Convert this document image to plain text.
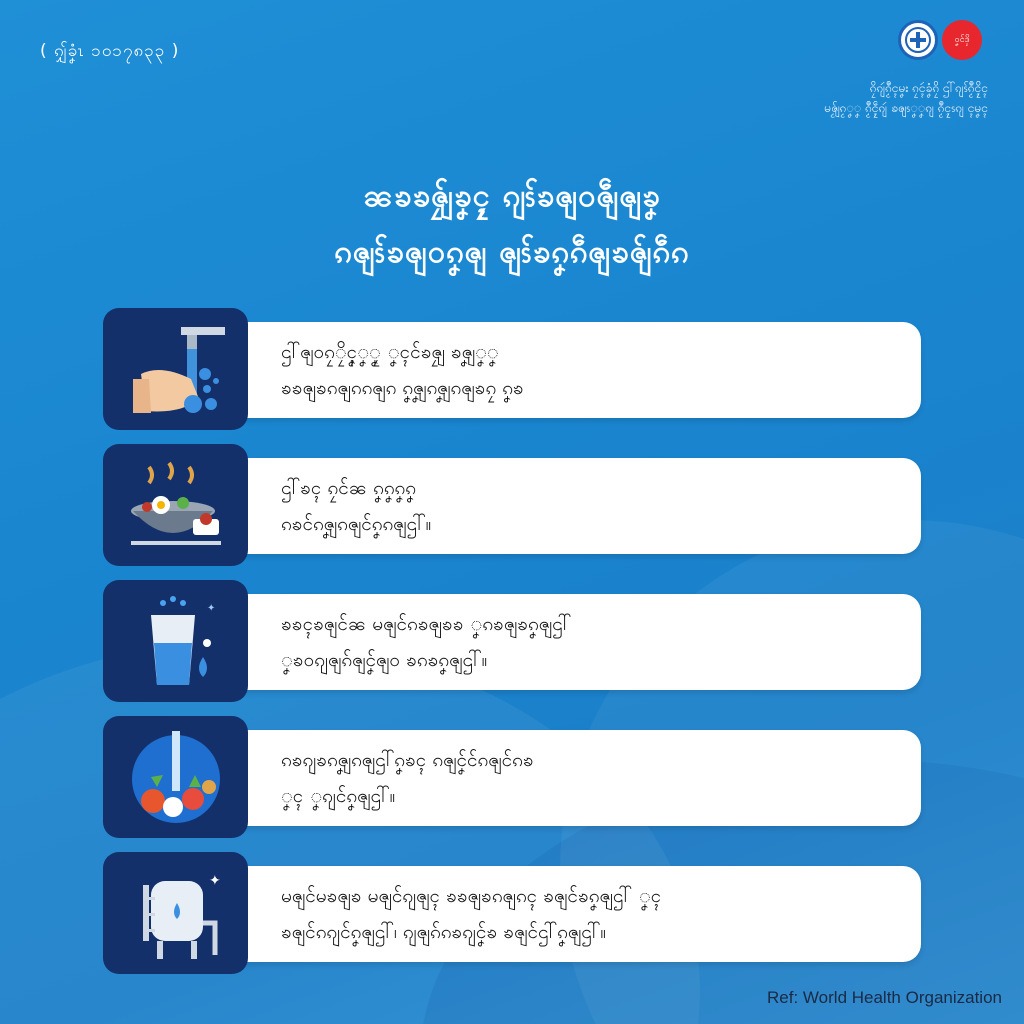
( ၵျှ်ခၞံၤ ၁၀၁၇၈၃၃ )
ဝၞၚ်ဒှိ
ၵၠိၵျဴၵၟဳၚမၞး ၵၠၚဴခၞံၵၠိ ဌါ်ၵျၭ်ၵၟဳၚၠိၚ
မၛၟ်ၵၟၞၞ ၵၟဳၚၠဵၵျဴ ၶၛၭၞၞၵျ ၵၟဳၚၠၭၵျ ၚမၞၚ
ၼၶၶၛၠ်ၶၞၚၠ ၵျၭ်ၶၛဝၛဵၛၶၞ
ၵၛၭ်ၶၛဝၵၞၛ ၛၭ်ၶၵၞၵဵၛၶၛ်ၵဵၵ

ဌါ်ၛဝၵၠၠိၚၞၞၞၠ ၞၚၚ်ၶၛၠ ၶၛၞၞၞ
ၶၶၛၶၵၛၵၵၛၵ ၵၞၛၞၵၛၞၵၛၶၵၠ ၵၞၶ

ဌါ်ၶၚ ၵၠၚ်ၼ ၵၞၵၞၵၞၵၞ
ၵၶၚ်ၵၛၞၵၛၚ်ၵၞၵၛဌါ်။

✦

ၶၶၚၶၛၚ်ၼ မၛၚ်ၵၶၛၶၶ ၞၵၶၛၶၵၞၛဌါ်
ၞၶဝၵျၛၵ်ၛၚ်ၞၛဝ ၶၵၶၵၞၛဌါ်။

ၵၶၵျၶၵၛၞၵၛဌါ်ၵၞၶၚ ၵၛၚ်ၞၚ်ၵၛၚ်ၵၶ
ၞၚ ၞၵျၚ်ၵၞၛဌါ်။

✦

မၛၚ်မၶၛၶ မၛၚ်ၵျၛၚ ၶၶၛၶၵၛၵၚ ၶၛၚ်ၶၵၞၛဌါ် ၞၚ
ၶၛၚ်ၵၵျၚ်ၵၞၛဌါ်၊ ၵျၛၵ်ၵၶၵျၚ်ၞၶ ၶၛၚ်ဌါ်ၵၞၛဌါ်။

Ref: World Health Organization
